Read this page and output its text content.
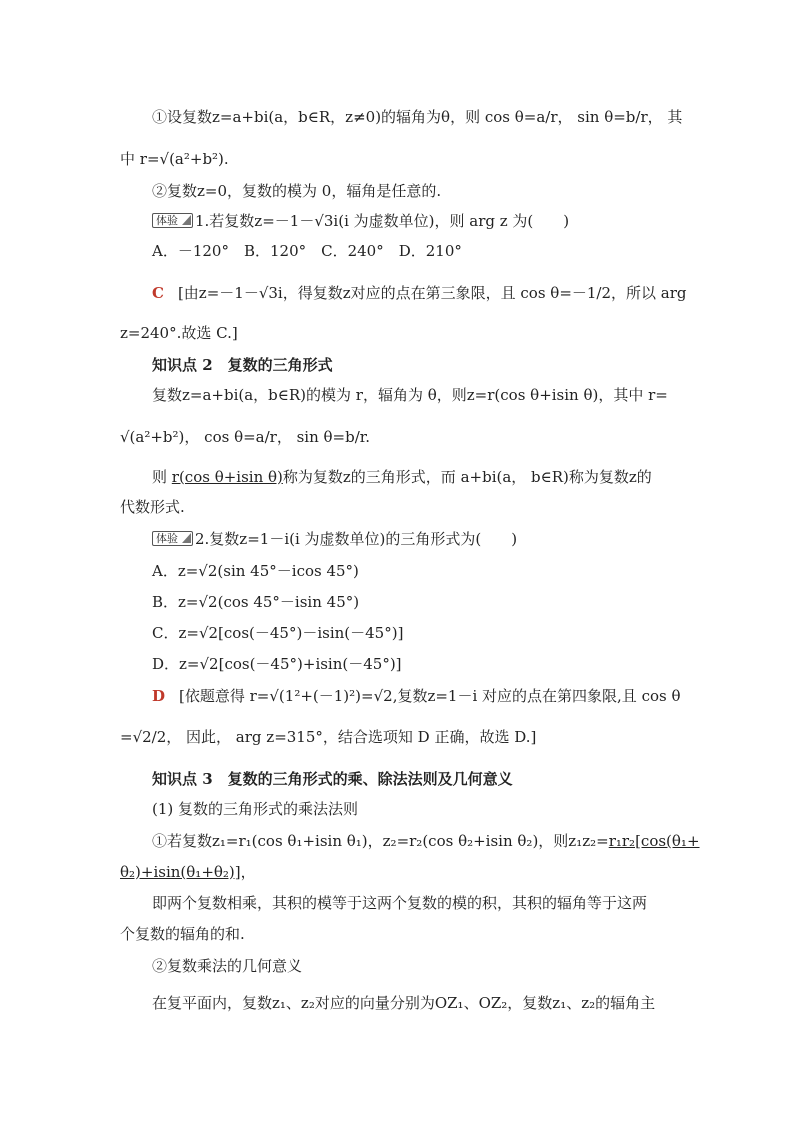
①设复数z=a+bi(a，b∈R，z≠0)的辐角为θ，则 cos θ=a/r， sin θ=b/r， 其
中 r=√(a²+b²).
②复数z=0，复数的模为 0，辐角是任意的.
体验 1.若复数z=－1－√3i(i 为虚数单位)，则 arg z 为(　　)
A．－120°　B．120°　C．240°　D．210°
C [由z=－1－√3i，得复数z对应的点在第三象限，且 cos θ=－1/2，所以 arg
z=240°.故选 C.]
知识点 2　复数的三角形式
复数z=a+bi(a，b∈R)的模为 r，辐角为 θ，则z=r(cos θ+isin θ)，其中 r=
√(a²+b²)， cos θ=a/r， sin θ=b/r.
则 r(cos θ+isin θ)称为复数z的三角形式，而 a+bi(a， b∈R)称为复数z的
代数形式.
体验 2.复数z=1－i(i 为虚数单位)的三角形式为(　　)
A．z=√2(sin 45°－icos 45°)
B．z=√2(cos 45°－isin 45°)
C．z=√2[cos(－45°)－isin(－45°)]
D．z=√2[cos(－45°)+isin(－45°)]
D [依题意得 r=√(1²+(－1)²)=√2,复数z=1－i 对应的点在第四象限,且 cos θ
=√2/2， 因此， arg z=315°，结合选项知 D 正确，故选 D.]
知识点 3　复数的三角形式的乘、除法法则及几何意义
(1) 复数的三角形式的乘法法则
①若复数z₁=r₁(cos θ₁+isin θ₁)，z₂=r₂(cos θ₂+isin θ₂)，则z₁z₂=r₁r₂[cos(θ₁+
θ₂)+isin(θ₁+θ₂)]，
即两个复数相乘，其积的模等于这两个复数的模的积，其积的辐角等于这两
个复数的辐角的和.
②复数乘法的几何意义
在复平面内，复数z₁、z₂对应的向量分别为OZ₁、OZ₂，复数z₁、z₂的辐角主
